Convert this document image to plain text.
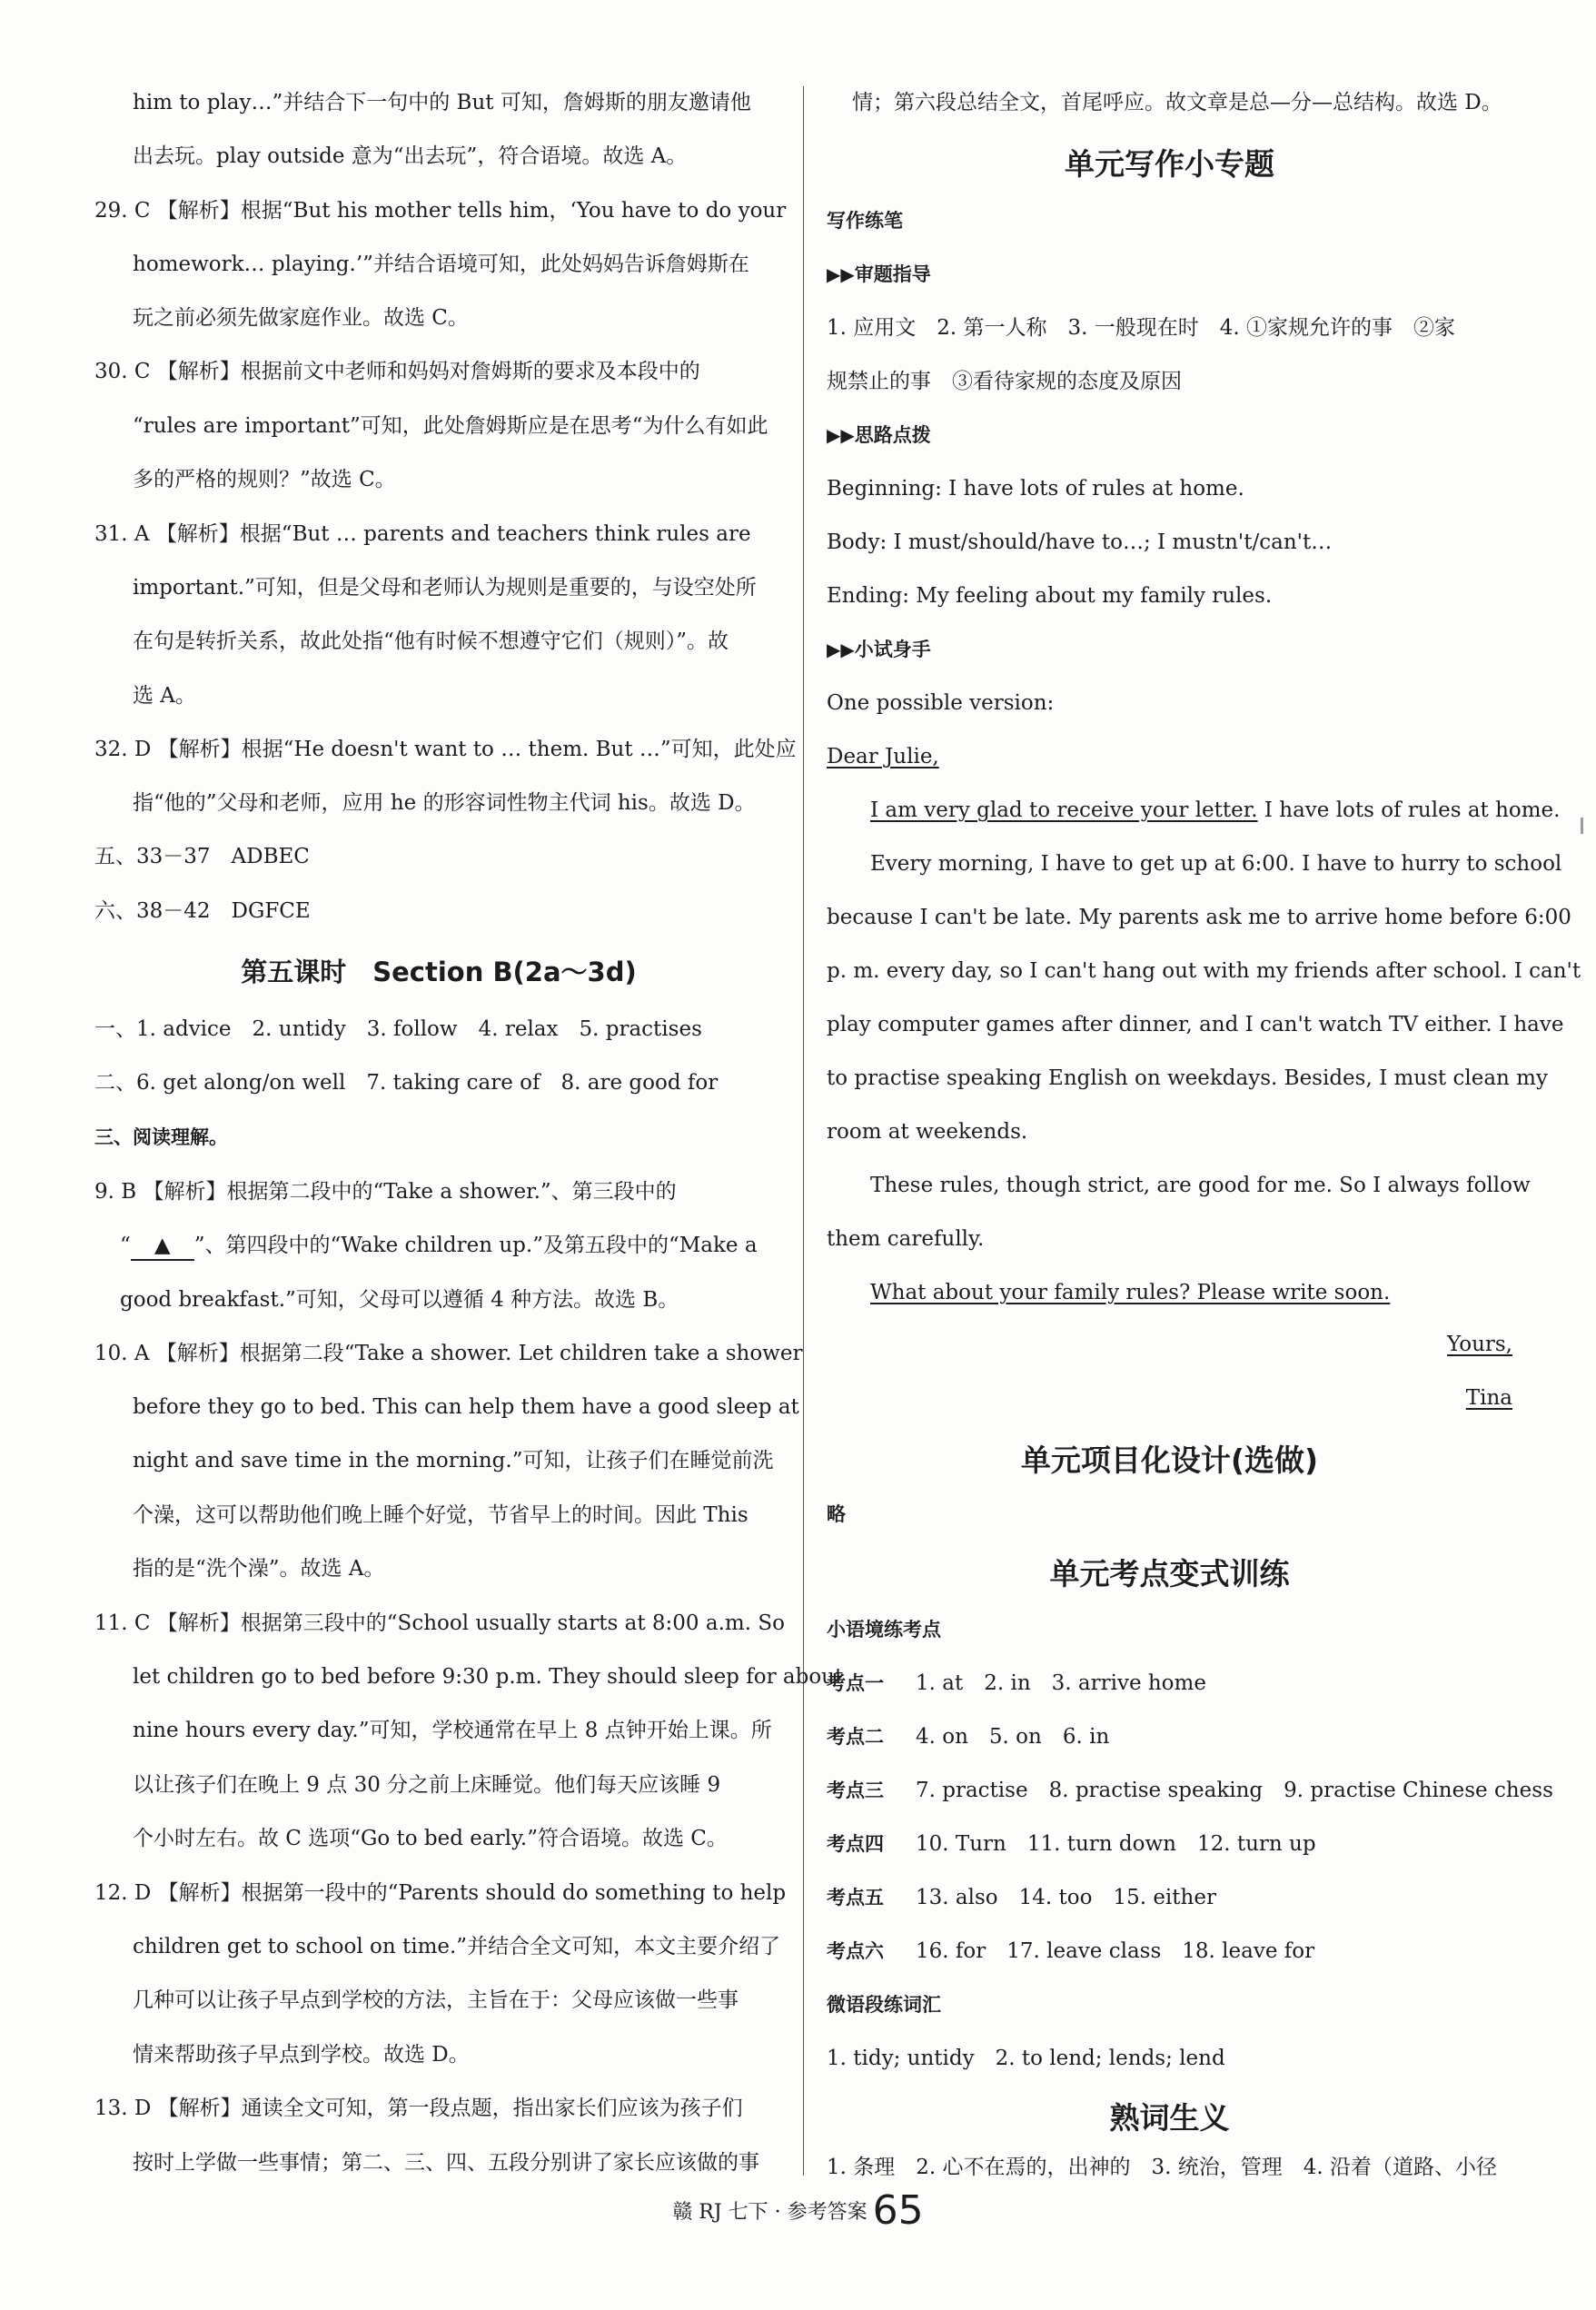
him to play…”并结合下一句中的 But 可知，詹姆斯的朋友邀请他
出去玩。play outside 意为“出去玩”，符合语境。故选 A。
29. C 【解析】根据“But his mother tells him，‘You have to do your
homework… playing.’”并结合语境可知，此处妈妈告诉詹姆斯在
玩之前必须先做家庭作业。故选 C。
30. C 【解析】根据前文中老师和妈妈对詹姆斯的要求及本段中的
“rules are important”可知，此处詹姆斯应是在思考“为什么有如此
多的严格的规则？”故选 C。
31. A 【解析】根据“But … parents and teachers think rules are
important.”可知，但是父母和老师认为规则是重要的，与设空处所
在句是转折关系，故此处指“他有时候不想遵守它们（规则）”。故
选 A。
32. D 【解析】根据“He doesn't want to … them. But …”可知，此处应
指“他的”父母和老师，应用 he 的形容词性物主代词 his。故选 D。
五、33－37　ADBEC
六、38－42　DGFCE
第五课时　Section B(2a～3d)
一、1. advice　2. untidy　3. follow　4. relax　5. practises
二、6. get along/on well　7. taking care of　8. are good for
三、阅读理解。
9. B 【解析】根据第二段中的“Take a shower.”、第三段中的
“ ▲ ”、第四段中的“Wake children up.”及第五段中的“Make a
good breakfast.”可知，父母可以遵循 4 种方法。故选 B。
10. A 【解析】根据第二段“Take a shower. Let children take a shower
before they go to bed. This can help them have a good sleep at
night and save time in the morning.”可知，让孩子们在睡觉前洗
个澡，这可以帮助他们晚上睡个好觉，节省早上的时间。因此 This
指的是“洗个澡”。故选 A。
11. C 【解析】根据第三段中的“School usually starts at 8:00 a.m. So
let children go to bed before 9:30 p.m. They should sleep for about
nine hours every day.”可知，学校通常在早上 8 点钟开始上课。所
以让孩子们在晚上 9 点 30 分之前上床睡觉。他们每天应该睡 9
个小时左右。故 C 选项“Go to bed early.”符合语境。故选 C。
12. D 【解析】根据第一段中的“Parents should do something to help
children get to school on time.”并结合全文可知，本文主要介绍了
几种可以让孩子早点到学校的方法，主旨在于：父母应该做一些事
情来帮助孩子早点到学校。故选 D。
13. D 【解析】通读全文可知，第一段点题，指出家长们应该为孩子们
按时上学做一些事情；第二、三、四、五段分别讲了家长应该做的事
情；第六段总结全文，首尾呼应。故文章是总—分—总结构。故选 D。
单元写作小专题
写作练笔
▶▶审题指导
1. 应用文　2. 第一人称　3. 一般现在时　4. ①家规允许的事　②家
规禁止的事　③看待家规的态度及原因
▶▶思路点拨
Beginning: I have lots of rules at home.
Body: I must/should/have to…; I mustn't/can't…
Ending: My feeling about my family rules.
▶▶小试身手
One possible version:
Dear Julie,
I am very glad to receive your letter. I have lots of rules at home.
Every morning, I have to get up at 6:00. I have to hurry to school
because I can't be late. My parents ask me to arrive home before 6:00
p. m. every day, so I can't hang out with my friends after school. I can't
play computer games after dinner, and I can't watch TV either. I have
to practise speaking English on weekdays. Besides, I must clean my
room at weekends.
These rules, though strict, are good for me. So I always follow
them carefully.
What about your family rules? Please write soon.
Yours,
Tina
单元项目化设计(选做)
略
单元考点变式训练
小语境练考点
考点一 1. at　2. in　3. arrive home
考点二 4. on　5. on　6. in
考点三 7. practise　8. practise speaking　9. practise Chinese chess
考点四 10. Turn　11. turn down　12. turn up
考点五 13. also　14. too　15. either
考点六 16. for　17. leave class　18. leave for
微语段练词汇
1. tidy; untidy　2. to lend; lends; lend
熟词生义
1. 条理　2. 心不在焉的，出神的　3. 统治，管理　4. 沿着（道路、小径
赣 RJ 七下 · 参考答案 65
